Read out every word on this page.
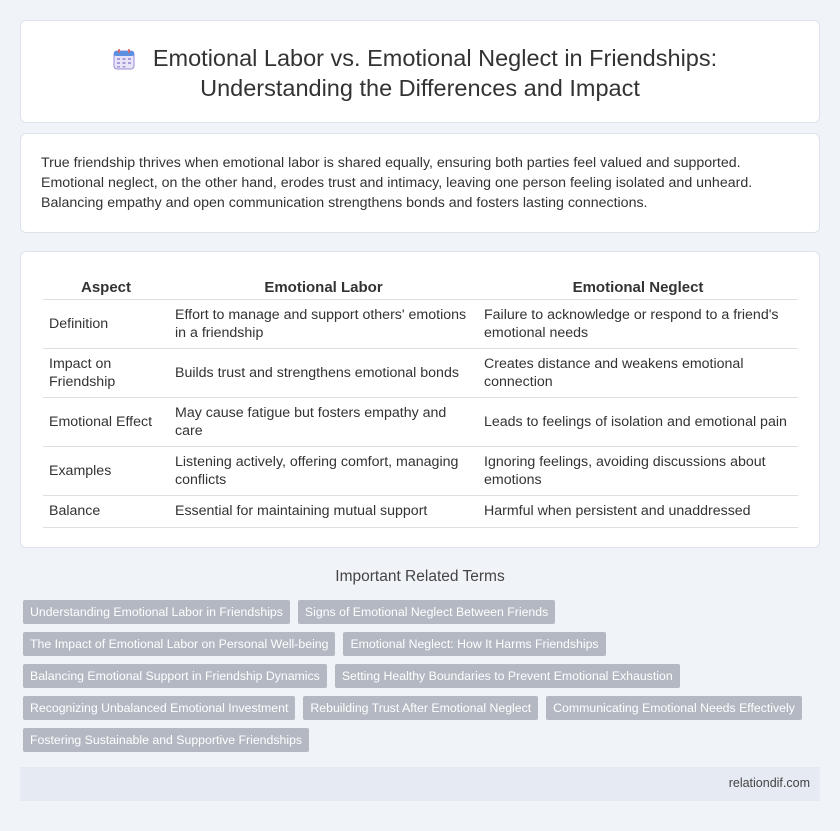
Emotional Labor vs. Emotional Neglect in Friendships:
Understanding the Differences and Impact

True friendship thrives when emotional labor is shared equally, ensuring both parties feel valued and supported. Emotional neglect, on the other hand, erodes trust and intimacy, leaving one person feeling isolated and unheard. Balancing empathy and open communication strengthens bonds and fosters lasting connections.

Aspect	Emotional Labor	Emotional Neglect
Definition	Effort to manage and support others' emotions in a friendship	Failure to acknowledge or respond to a friend's emotional needs
Impact on Friendship	Builds trust and strengthens emotional bonds	Creates distance and weakens emotional connection
Emotional Effect	May cause fatigue but fosters empathy and care	Leads to feelings of isolation and emotional pain
Examples	Listening actively, offering comfort, managing conflicts	Ignoring feelings, avoiding discussions about emotions
Balance	Essential for maintaining mutual support	Harmful when persistent and unaddressed
Important Related Terms
Understanding Emotional Labor in Friendships	Signs of Emotional Neglect Between Friends
The Impact of Emotional Labor on Personal Well-being	Emotional Neglect: How It Harms Friendships
Balancing Emotional Support in Friendship Dynamics	Setting Healthy Boundaries to Prevent Emotional Exhaustion
Recognizing Unbalanced Emotional Investment	Rebuilding Trust After Emotional Neglect	Communicating Emotional Needs Effectively
Fostering Sustainable and Supportive Friendships
relationdif.com
